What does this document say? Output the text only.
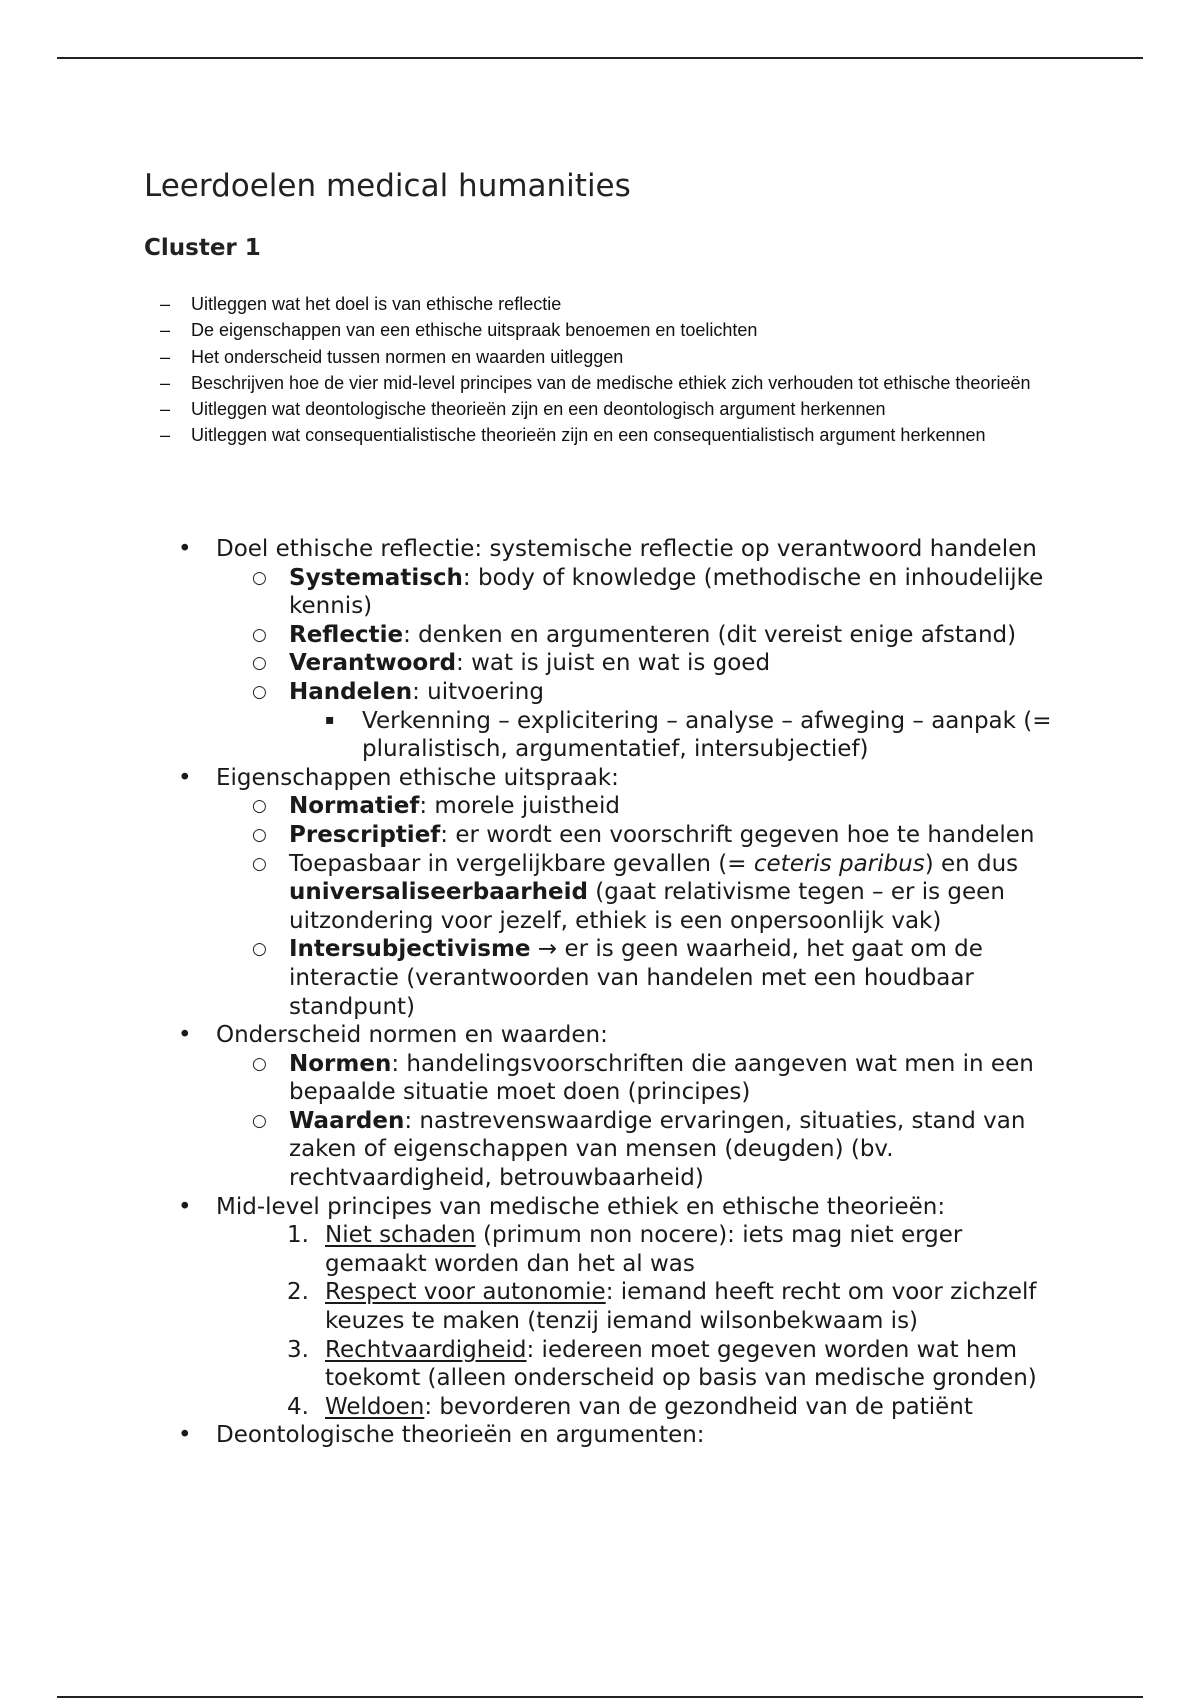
Leerdoelen medical humanities
Cluster 1
–	Uitleggen wat het doel is van ethische reflectie
–	De eigenschappen van een ethische uitspraak benoemen en toelichten
–	Het onderscheid tussen normen en waarden uitleggen
–	Beschrijven hoe de vier mid-level principes van de medische ethiek zich verhouden tot ethische theorieën
–	Uitleggen wat deontologische theorieën zijn en een deontologisch argument herkennen
–	Uitleggen wat consequentialistische theorieën zijn en een consequentialistisch argument herkennen
• Doel ethische reflectie: systemische reflectie op verantwoord handelen
○ Systematisch: body of knowledge (methodische en inhoudelijke kennis)
○ Reflectie: denken en argumenteren (dit vereist enige afstand)
○ Verantwoord: wat is juist en wat is goed
○ Handelen: uitvoering
▪ Verkenning – explicitering – analyse – afweging – aanpak (= pluralistisch, argumentatief, intersubjectief)
• Eigenschappen ethische uitspraak:
○ Normatief: morele juistheid
○ Prescriptief: er wordt een voorschrift gegeven hoe te handelen
○ Toepasbaar in vergelijkbare gevallen (= ceteris paribus) en dus universaliseerbaarheid (gaat relativisme tegen – er is geen uitzondering voor jezelf, ethiek is een onpersoonlijk vak)
○ Intersubjectivisme → er is geen waarheid, het gaat om de interactie (verantwoorden van handelen met een houdbaar standpunt)
• Onderscheid normen en waarden:
○ Normen: handelingsvoorschriften die aangeven wat men in een bepaalde situatie moet doen (principes)
○ Waarden: nastrevenswaardige ervaringen, situaties, stand van zaken of eigenschappen van mensen (deugden) (bv. rechtvaardigheid, betrouwbaarheid)
• Mid-level principes van medische ethiek en ethische theorieën:
1. Niet schaden (primum non nocere): iets mag niet erger gemaakt worden dan het al was
2. Respect voor autonomie: iemand heeft recht om voor zichzelf keuzes te maken (tenzij iemand wilsonbekwaam is)
3. Rechtvaardigheid: iedereen moet gegeven worden wat hem toekomt (alleen onderscheid op basis van medische gronden)
4. Weldoen: bevorderen van de gezondheid van de patiënt
• Deontologische theorieën en argumenten:
